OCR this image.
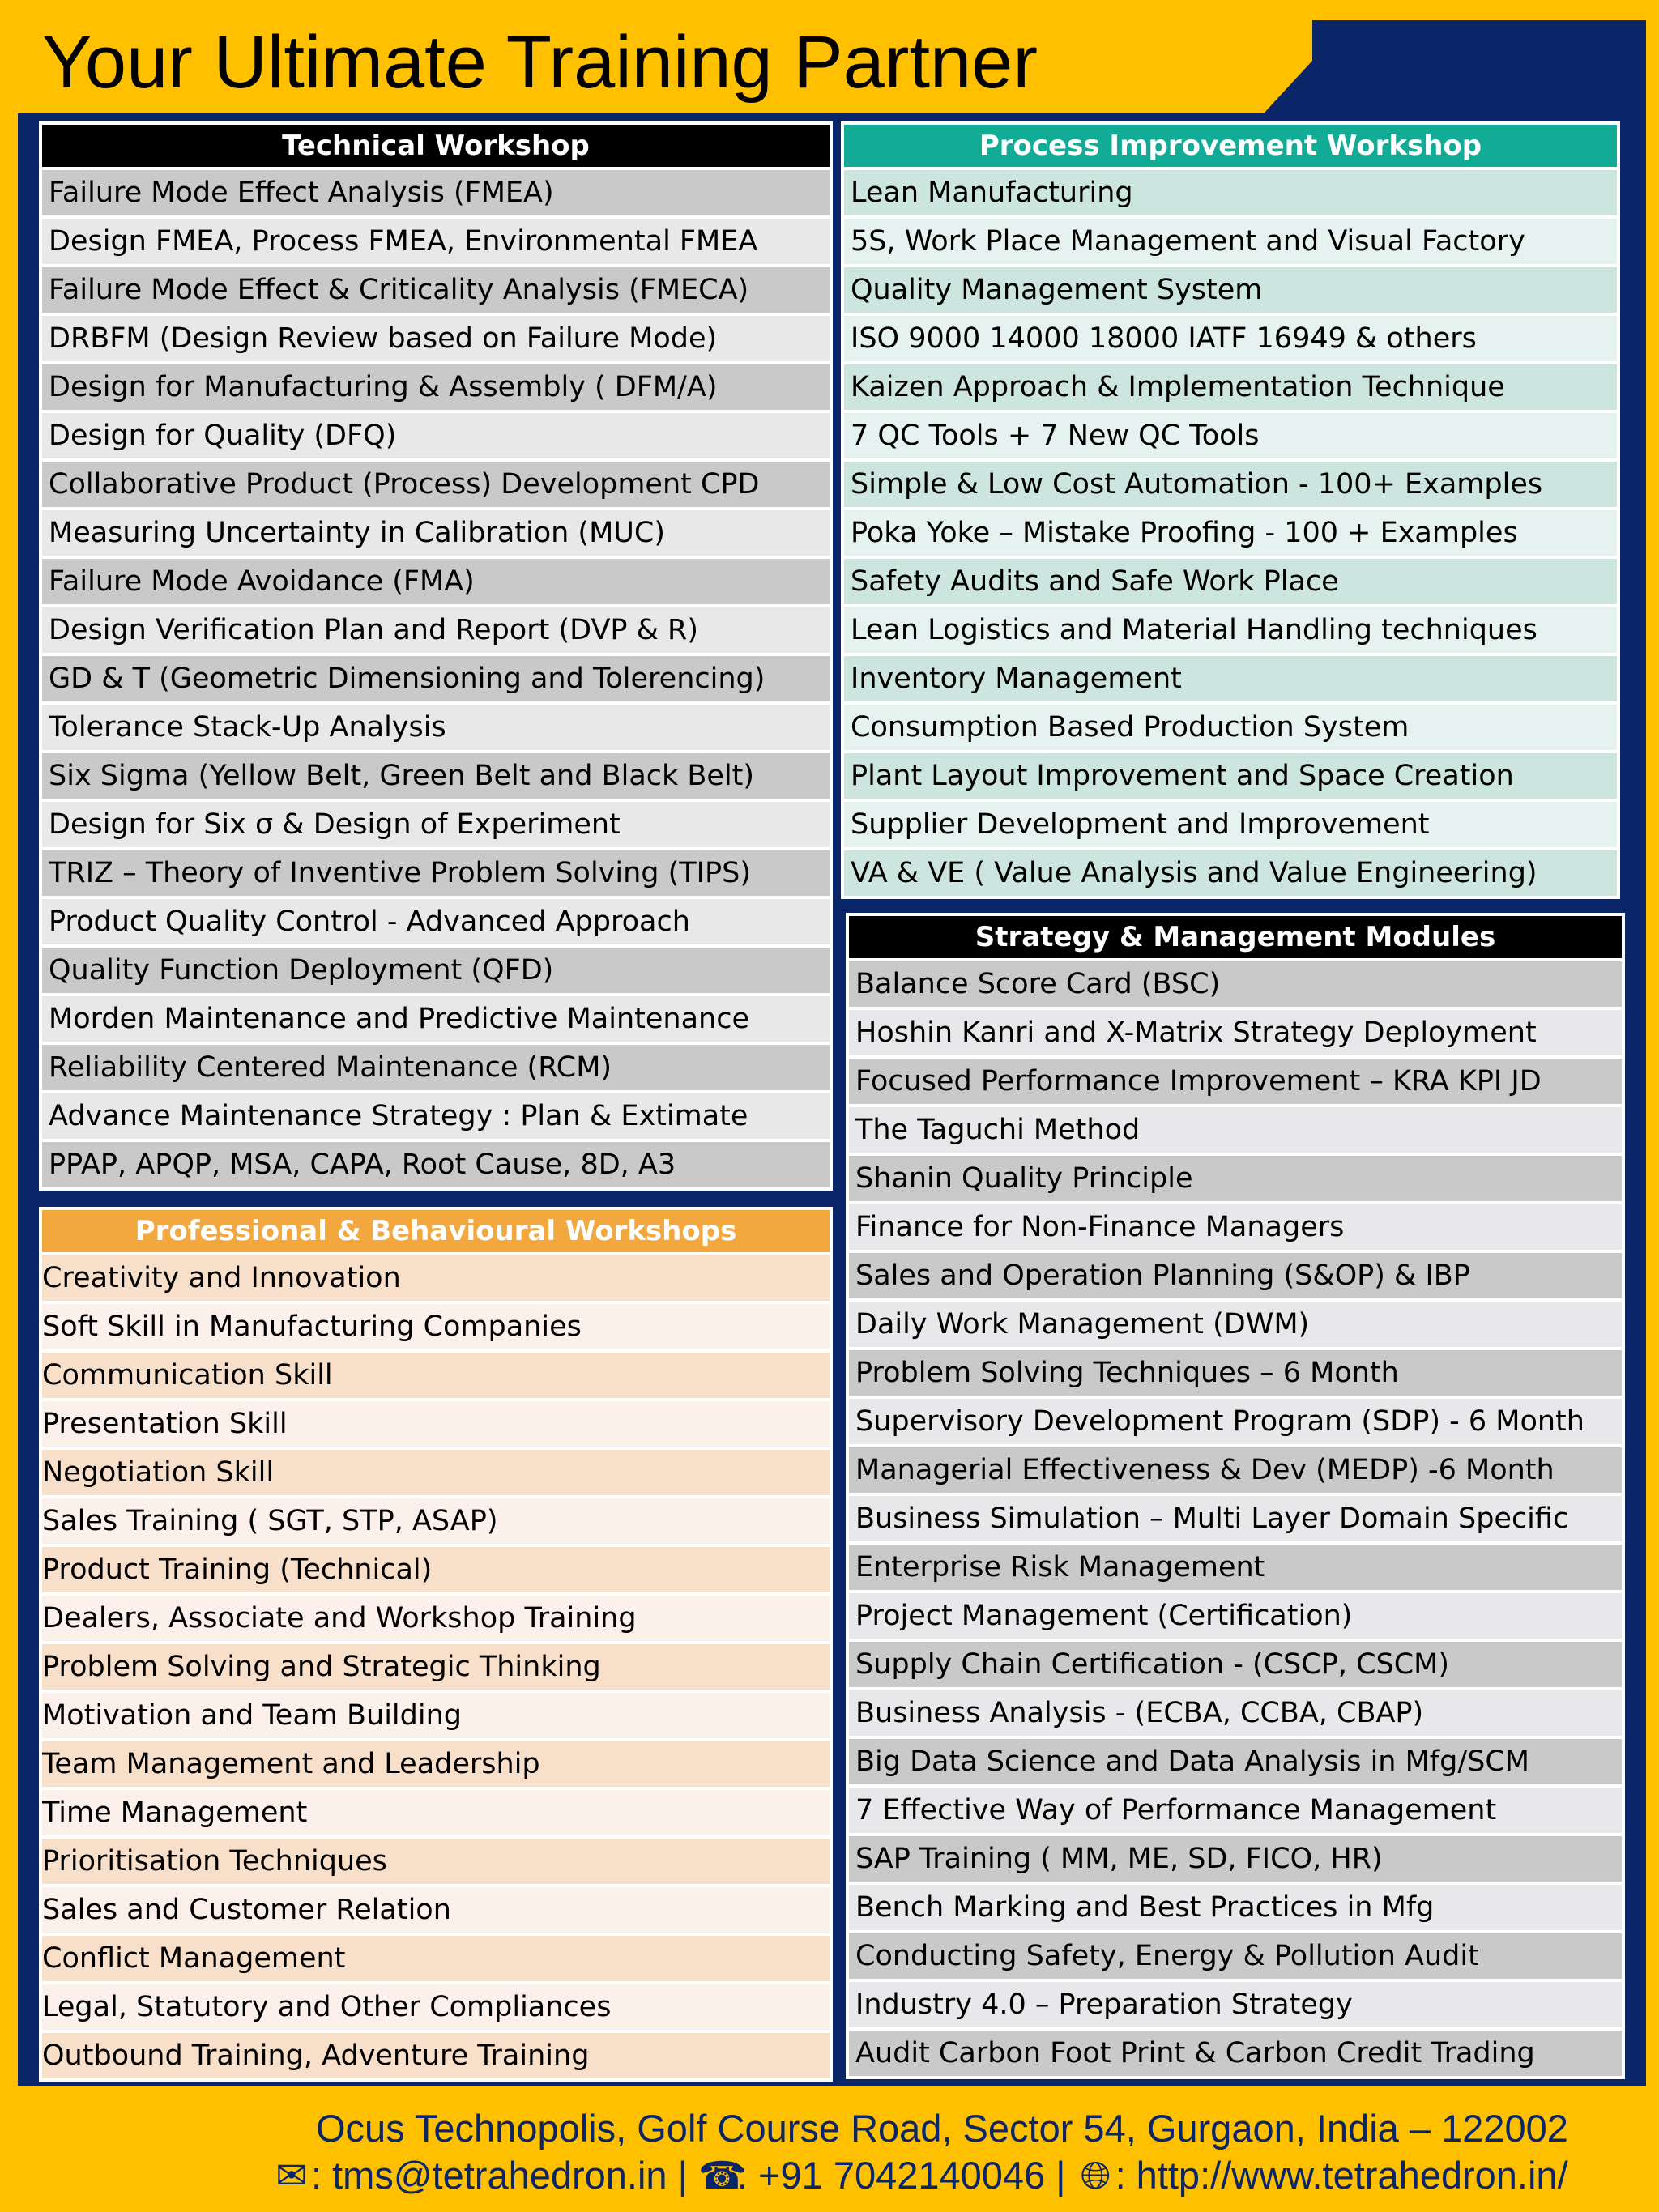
Your Ultimate Training Partner
Technical Workshop
Failure Mode Effect Analysis (FMEA)
Design FMEA, Process FMEA, Environmental FMEA
Failure Mode Effect & Criticality Analysis (FMECA)
DRBFM (Design Review based on Failure Mode)
Design for Manufacturing & Assembly ( DFM/A)
Design for Quality (DFQ)
Collaborative Product (Process) Development CPD
Measuring Uncertainty in Calibration (MUC)
Failure Mode Avoidance (FMA)
Design Verification Plan and Report (DVP & R)
GD & T (Geometric Dimensioning and Tolerencing)
Tolerance Stack-Up Analysis
Six Sigma (Yellow Belt, Green Belt and Black Belt)
Design for Six σ & Design of Experiment
TRIZ – Theory of Inventive Problem Solving (TIPS)
Product Quality Control - Advanced Approach
Quality Function Deployment (QFD)
Morden Maintenance and Predictive Maintenance
Reliability Centered Maintenance (RCM)
Advance Maintenance Strategy : Plan & Extimate
PPAP, APQP, MSA, CAPA, Root Cause, 8D, A3
Process Improvement Workshop
Lean Manufacturing
5S, Work Place Management and Visual Factory
Quality Management System
ISO 9000 14000 18000 IATF 16949 & others
Kaizen Approach & Implementation Technique
7 QC Tools + 7 New QC Tools
Simple & Low Cost Automation - 100+ Examples
Poka Yoke – Mistake Proofing - 100 + Examples
Safety Audits and Safe Work Place
Lean Logistics and Material Handling techniques
Inventory Management
Consumption Based Production System
Plant Layout Improvement and Space Creation
Supplier Development and Improvement
VA & VE ( Value Analysis and Value Engineering)
Professional & Behavioural Workshops
Creativity and Innovation
Soft Skill in Manufacturing Companies
Communication Skill
Presentation Skill
Negotiation Skill
Sales Training ( SGT, STP, ASAP)
Product Training (Technical)
Dealers, Associate and Workshop Training
Problem Solving and Strategic Thinking
Motivation and Team Building
Team Management and Leadership
Time Management
Prioritisation Techniques
Sales and Customer Relation
Conflict Management
Legal, Statutory and Other Compliances
Outbound Training, Adventure Training
Strategy & Management Modules
Balance Score Card (BSC)
Hoshin Kanri and X-Matrix Strategy Deployment
Focused Performance Improvement – KRA KPI JD
The Taguchi Method
Shanin Quality Principle
Finance for Non-Finance Managers
Sales and Operation Planning (S&OP) & IBP
Daily Work Management (DWM)
Problem Solving Techniques – 6 Month
Supervisory Development Program (SDP) - 6 Month
Managerial Effectiveness & Dev (MEDP) -6 Month
Business Simulation – Multi Layer Domain Specific
Enterprise Risk Management
Project Management (Certification)
Supply Chain Certification - (CSCP, CSCM)
Business Analysis - (ECBA, CCBA, CBAP)
Big Data Science and Data Analysis in Mfg/SCM
7 Effective Way of Performance Management
SAP Training ( MM, ME, SD, FICO, HR)
Bench Marking and Best Practices in Mfg
Conducting Safety, Energy & Pollution Audit
Industry 4.0 – Preparation Strategy
Audit Carbon Foot Print & Carbon Credit Trading
Ocus Technopolis, Golf Course Road, Sector 54, Gurgaon, India – 122002
✉: tms@tetrahedron.in | ☎: +91 7042140046 | 🌐︎ : http://www.tetrahedron.in/
